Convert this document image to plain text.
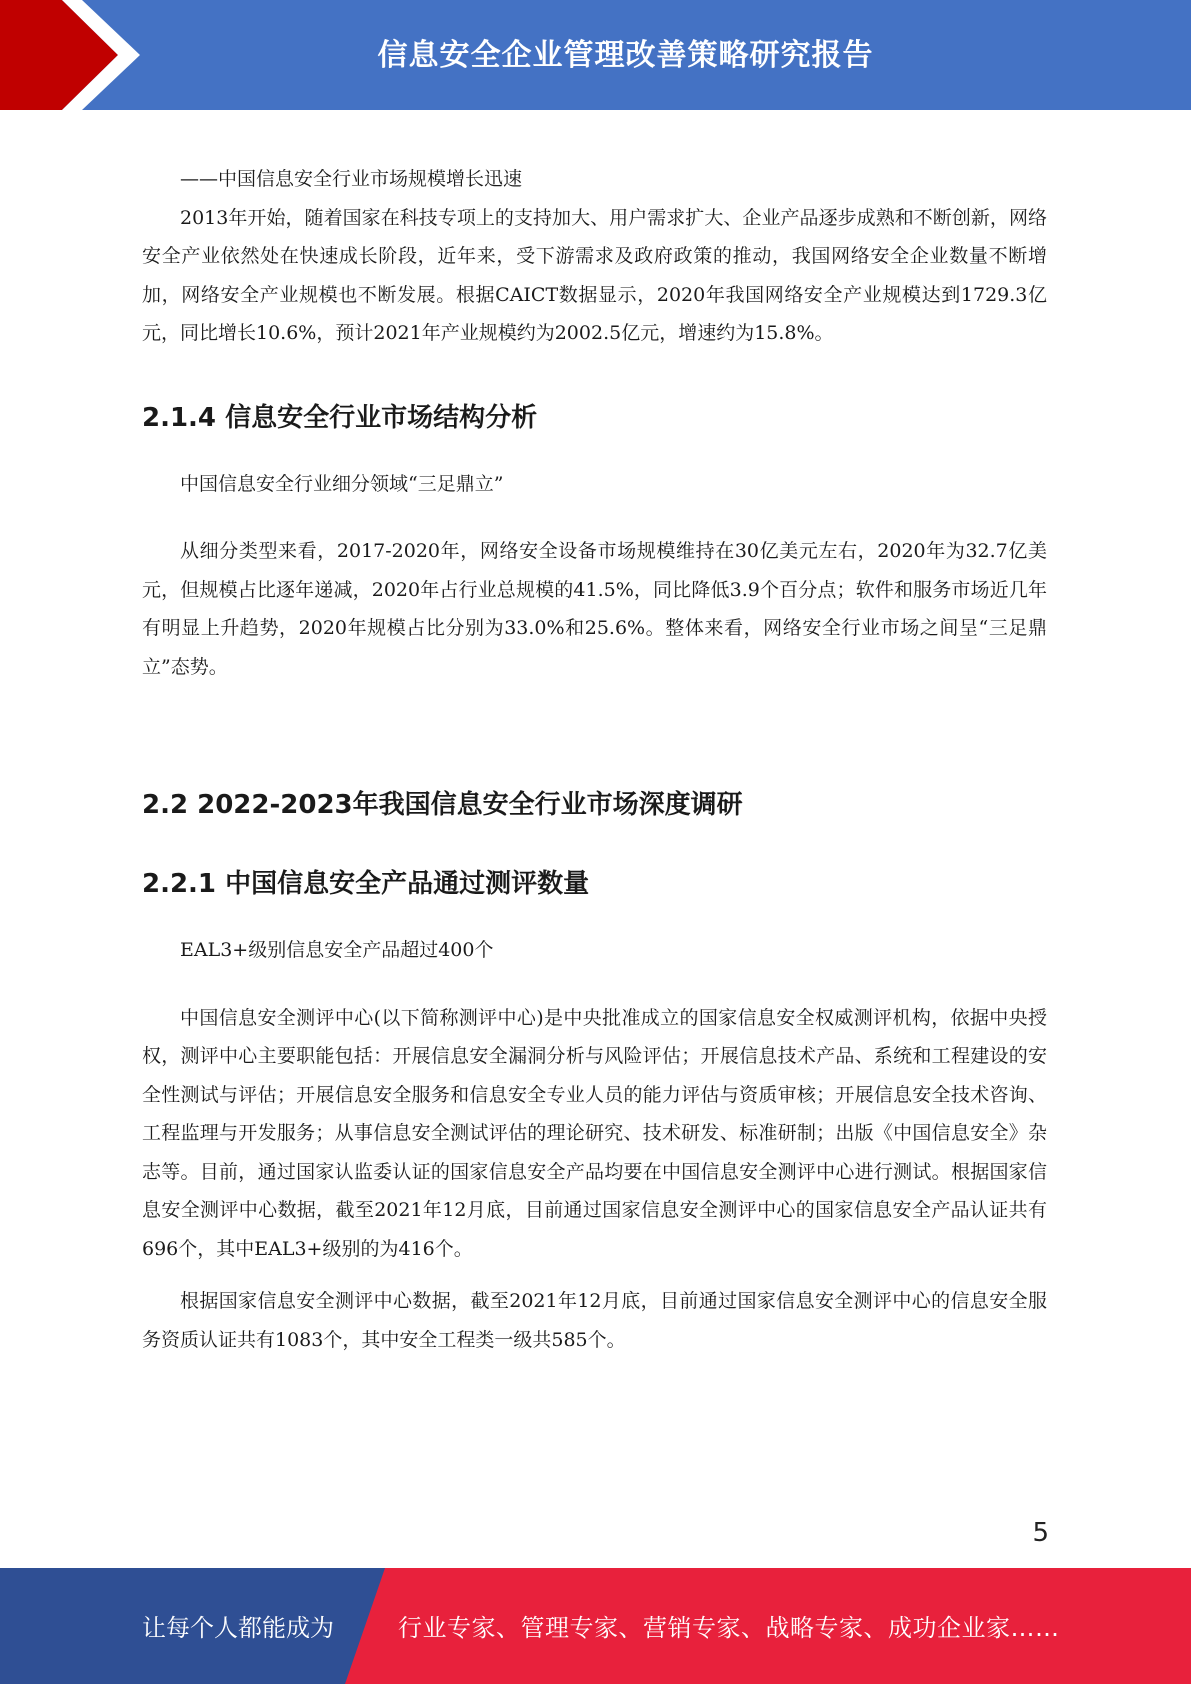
信息安全企业管理改善策略研究报告

——中国信息安全行业市场规模增长迅速

2013年开始，随着国家在科技专项上的支持加大、用户需求扩大、企业产品逐步成熟和不断创新，网络安全产业依然处在快速成长阶段，近年来，受下游需求及政府政策的推动，我国网络安全企业数量不断增加，网络安全产业规模也不断发展。根据CAICT数据显示，2020年我国网络安全产业规模达到1729.3亿元，同比增长10.6%，预计2021年产业规模约为2002.5亿元，增速约为15.8%。

2.1.4 信息安全行业市场结构分析

中国信息安全行业细分领域“三足鼎立”

从细分类型来看，2017-2020年，网络安全设备市场规模维持在30亿美元左右，2020年为32.7亿美元，但规模占比逐年递减，2020年占行业总规模的41.5%，同比降低3.9个百分点；软件和服务市场近几年有明显上升趋势，2020年规模占比分别为33.0%和25.6%。整体来看，网络安全行业市场之间呈“三足鼎立”态势。

2.2 2022-2023年我国信息安全行业市场深度调研
2.2.1 中国信息安全产品通过测评数量

EAL3+级别信息安全产品超过400个

中国信息安全测评中心(以下简称测评中心)是中央批准成立的国家信息安全权威测评机构，依据中央授权，测评中心主要职能包括：开展信息安全漏洞分析与风险评估；开展信息技术产品、系统和工程建设的安全性测试与评估；开展信息安全服务和信息安全专业人员的能力评估与资质审核；开展信息安全技术咨询、工程监理与开发服务；从事信息安全测试评估的理论研究、技术研发、标准研制；出版《中国信息安全》杂志等。目前，通过国家认监委认证的国家信息安全产品均要在中国信息安全测评中心进行测试。根据国家信息安全测评中心数据，截至2021年12月底，目前通过国家信息安全测评中心的国家信息安全产品认证共有696个，其中EAL3+级别的为416个。

根据国家信息安全测评中心数据，截至2021年12月底，目前通过国家信息安全测评中心的信息安全服务资质认证共有1083个，其中安全工程类一级共585个。

5
让每个人都能成为	行业专家、管理专家、营销专家、战略专家、成功企业家……
